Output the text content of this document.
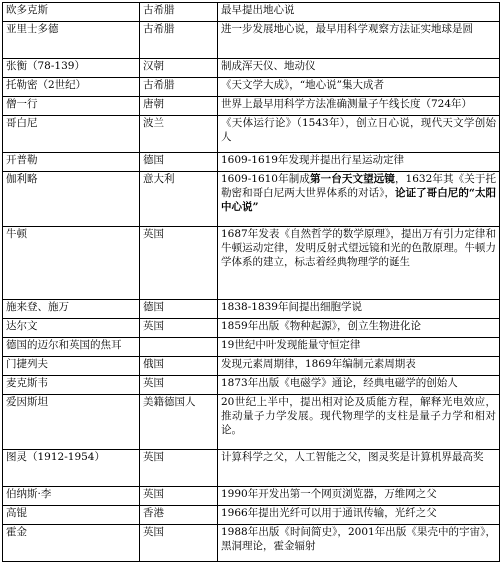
欧多克斯	古希腊	最早提出地心说
亚里士多德	古希腊	进一步发展地心说，最早用科学观察方法证实地球是圆
张衡（78-139）	汉朝	制成浑天仪、地动仪
托勒密（2世纪）	古希腊	《天文学大成》，“地心说”集大成者
僧一行	唐朝	世界上最早用科学方法准确测量子午线长度（724年）
哥白尼	波兰	《天体运行论》（1543年），创立日心说，现代天文学创始人
开普勒	德国	1609-1619年发现并提出行星运动定律
伽利略	意大利	1609-1610年制成第一台天文望远镜，1632年其《关于托勒密和哥白尼两大世界体系的对话》，论证了哥白尼的“太阳中心说”
牛顿	英国	1687年发表《自然哲学的数学原理》，提出万有引力定律和牛顿运动定律，发明反射式望远镜和光的色散原理。牛顿力学体系的建立，标志着经典物理学的诞生
施来登、施万	德国	1838-1839年间提出细胞学说
达尔文	英国	1859年出版《物种起源》，创立生物进化论
德国的迈尔和英国的焦耳		19世纪中叶发现能量守恒定律
门捷列夫	俄国	发现元素周期律，1869年编制元素周期表
麦克斯韦	英国	1873年出版《电磁学》通论，经典电磁学的创始人
爱因斯坦	美籍德国人	20世纪上半中，提出相对论及质能方程，解释光电效应，推动量子力学发展。现代物理学的支柱是量子力学和相对论。
图灵（1912-1954）	英国	计算科学之父，人工智能之父，图灵奖是计算机界最高奖
伯纳斯·李	英国	1990年开发出第一个网页浏览器，万维网之父
高锟	香港	1966年提出光纤可以用于通讯传输，光纤之父
霍金	英国	1988年出版《时间简史》，2001年出版《果壳中的宇宙》，黑洞理论，霍金辐射
